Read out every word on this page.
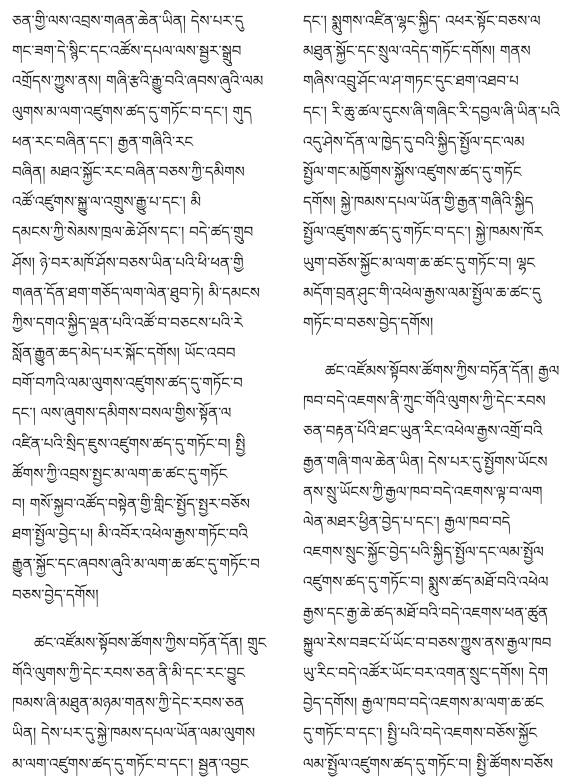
ཅན་གྱི་ལས་འབྲས་གཞན་ཆེན་ཡིན། དེས་པར་དུ
གང་ཟག་དེ་སྙིང་དང་འཚོས་དཔལ་ལས་སྦྱར་སྒྲུབ
འགྲོདས་ཀྱུས་ནས། གཞི་རྩའི་རྒྱུ་བའི་ཞབས་ཞུའི་ལམ
ལུགས་མ་ལག་འཛུགས་ཚད་དུ་གཏོང་བ་དང་། གུད
ཕན་རང་བཞིན་དང་། རྒྱན་གཞིའི་རང
བཞིན། མཐའ་སྐྱོང་རང་བཞིན་བཅས་ཀྱི་དམིགས
འཚོ་འཛུགས་སྐྱུ་ལ་འགྲུས་རྒྱུ་པ་དང་། མི
དམངས་ཀྱི་སེམས་ཁྲལ་ཆེ་ཤོས་དང་། བདེ་ཚད་གྲུབ
ཤོས། ཉེ་བར་མཁོ་ཤོས་བཅས་ཡིན་པའི་ཕི་ཕན་གྱི
གཞན་དོན་ཐག་གཅོད་ལག་ལེན་ཐུབ་ཏེ། མི་དམངས
ཀྱིས་དགའ་སྐྱིད་ལྡན་པའི་འཚོ་བ་བཅངས་པའི་རེ
སློན་རྒྱུན་ཆད་མེད་པར་སྐོང་དགོས། ཡོང་འབབ
བགོ་བཀའི་ལམ་ལུགས་འཛུགས་ཚད་དུ་གཏོང་བ
དང་། ལས་ཞུགས་དམིགས་བསལ་གྱིས་སྟོན་ལ
འཛིན་པའི་སྲིད་ཇུས་འཛུགས་ཚད་དུ་གཏོང་བ། སྤྱི
ཚོགས་ཀྱི་འབྲས་སྤྱང་མ་ལག་ཆ་ཚང་དུ་གཏོང
བ། གསོ་སྐྱབ་འཚོད་བསྟེན་གྱི་གླིང་སྤྱོད་སྤྱར་བཅོས
ཐག་སྤྱོལ་བྱེད་པ། མི་འབོར་འཕེལ་རྒྱས་གཏོང་བའི
རྒྱུན་སྐྱོང་དང་ཞབས་ཞུའི་མ་ལག་ཆ་ཚང་དུ་གཏོང་བ
བཅས་བྱེད་དགོས།
ཚང་འཛོམས་སྟོབས་ཚོགས་ཀྱིས་བཏོན་དོན། གྲུང
གོའི་ལུགས་ཀྱི་དེང་རབས་ཅན་ནི་མི་དང་རང་བྱུང
ཁམས་ཞི་མཐུན་མཉམ་གནས་ཀྱི་དེང་རབས་ཅན
ཡིན། དེས་པར་དུ་སྐྱེ་ཁམས་དཔལ་ཡོན་ལམ་ལུགས
མ་ལག་འཛུགས་ཚད་དུ་གཏོང་བ་དང་། སྦྱན་འབྱང
དང་། སྨུགས་འཛིན་ལྷང་སྐྱིད་ འཕར་སྟོང་བཅས་ལ
མཐུན་སྐྱོང་དང་སྲུལ་འདེད་གཏོང་དགོས། གནས
གཞིས་འབྲུ་ཤོང་ལ་ཤ་གཏང་དུང་ཐག་འཐབ་པ
དང་། རི་ཆུ་ཚལ་དུངས་ཞི་གཞིང་རི་དབྱལ་ཞི་ཡིན་པའི
འདུ་ཤེས་དོན་ལ་ཁྱེད་དུ་བའི་སྐྱིད་སྤྱོལ་དང་ལམ
སྤྱོལ་གང་མཁྱོགས་སྐྱོས་འཛུགས་ཚད་དུ་གཏོང
དགོས། སྐྱེ་ཁམས་དཔལ་ཡོན་གྱི་རྒྱན་གཞིའི་སྐྱིད
སྤྱོལ་འཛུགས་ཚད་དུ་གཏོང་བ་དང་། སྐྱེ་ཁམས་ཁོར
ཡུག་བཅོས་སྐྱོང་མ་ལག་ཆ་ཚང་དུ་གཏོང་བ། ལྷང
མདོག་བྲན་ཤུང་གི་འཕེལ་རྒྱས་ལམ་སྤྱོལ་ཆ་ཚང་དུ
གཏོང་བ་བཅས་བྱེད་དགོས།
ཚང་འཛོམས་སྟོབས་ཚོགས་ཀྱིས་བཏོན་དོན། རྒྱལ
ཁབ་བདེ་འཇགས་ནི་ཀྲུང་གོའི་ལུགས་ཀྱི་དེང་རབས
ཅན་བརྟན་པོའི་ཐང་ཡུན་རིང་འཕེལ་རྒྱས་འགྲོ་བའི
རྒྱན་གཞི་གལ་ཆེན་ཡིན། དེས་པར་དུ་སྤྱོགས་ཡོངས
ནས་སྲུ་ཡོངས་ཀྱི་རྒྱལ་ཁབ་བདེ་འཇགས་ལྟ་བ་ལག
ལེན་མཐར་ཕྱིན་བྱེད་པ་དང་། རྒྱལ་ཁབ་བདེ
འཇགས་སྲུང་སྐྱོང་བྱེད་པའི་སྐྱིད་སྤྱོལ་དང་ལམ་སྤྱོལ
འཛུགས་ཚད་དུ་གཏོང་བ། སྨུས་ཚད་མཐོ་བའི་འཕེལ
རྒྱས་དང་རྒྱ་ཆེ་ཚད་མཐོ་བའི་བདེ་འཇགས་ཕན་ཚུན
སྐྱུལ་རེས་བཟང་པོ་ཡོང་བ་བཅས་ཀྱུས་ནས་རྒྱལ་ཁབ
ཡུ་རིང་བདེ་འཚོར་ཡོང་བར་འགན་སྲུང་དགོས། དེག
བྱེད་དགོས། རྒྱལ་ཁབ་བདེ་འཇགས་མ་ལག་ཆ་ཚང
དུ་གཏོང་བ་དང་། སྤྱི་པའི་བདེ་འཇགས་བཅོས་སྐྱོང
ལམ་སྤྱོལ་འཛུགས་ཚད་དུ་གཏོང་བ། སྤྱི་ཚོགས་བཅོས
